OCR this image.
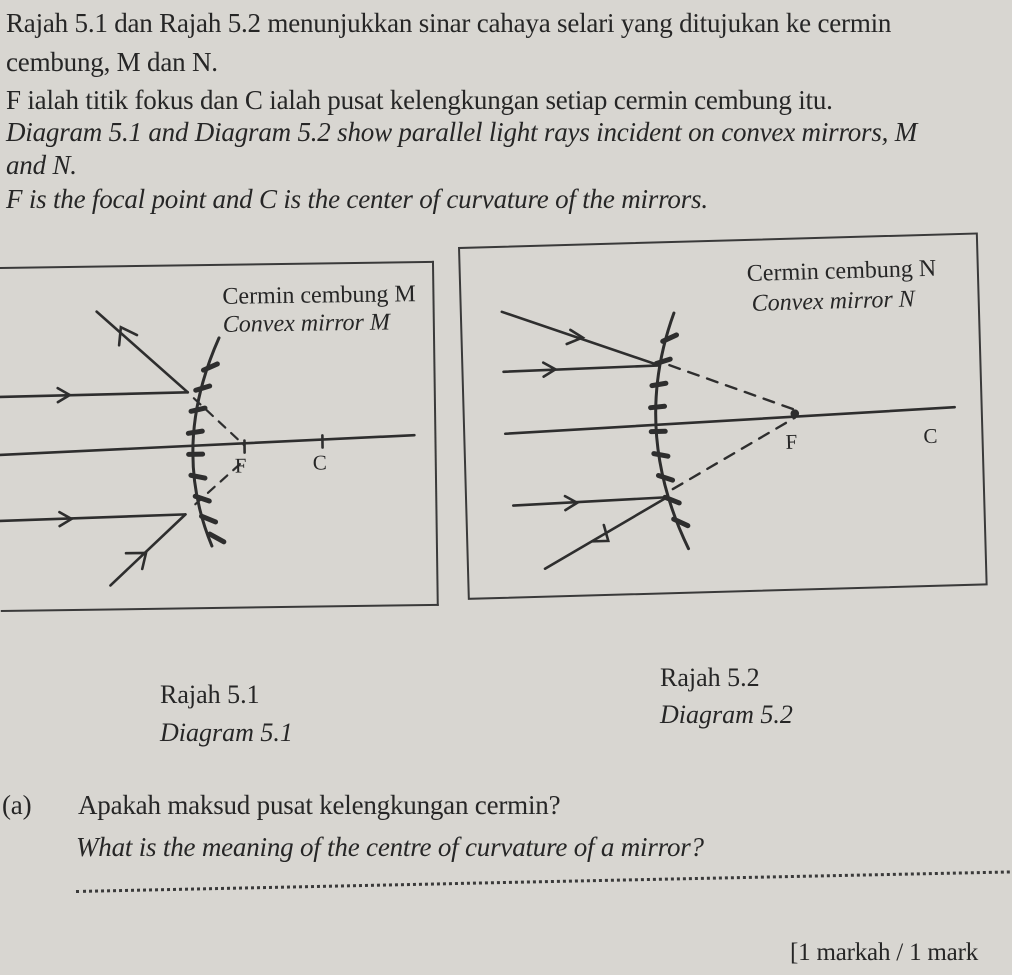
Rajah 5.1 dan Rajah 5.2 menunjukkan sinar cahaya selari yang ditujukan ke cermin
cembung, M dan N.
F ialah titik fokus dan C ialah pusat kelengkungan setiap cermin cembung itu.
Diagram 5.1 and Diagram 5.2 show parallel light rays incident on convex mirrors, M
and N.
F is the focal point and C is the center of curvature of the mirrors.
Cermin cembung M
Convex mirror M
F	C
Cermin cembung N
Convex mirror N
F	C
Rajah 5.1
Diagram 5.1
Rajah 5.2
Diagram 5.2
(a) Apakah maksud pusat kelengkungan cermin?
What is the meaning of the centre of curvature of a mirror?
[1 markah / 1 mark
